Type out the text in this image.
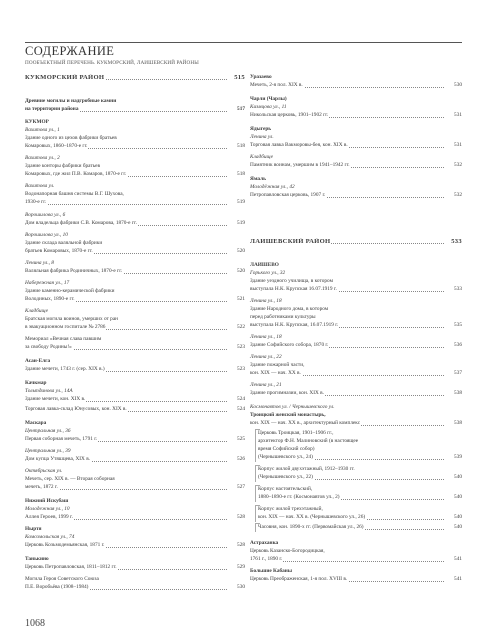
СОДЕРЖАНИЕ
ПООБЪЕКТНЫЙ ПЕРЕЧЕНЬ. КУКМОРСКИЙ, ЛАИШЕВСКИЙ РАЙОНЫ
КУКМОРСКИЙ РАЙОН	515
Древние могилы и надгробные камни
на территории района	517
КУКМОР
Вахитова ул., 1
Здание одного из цехов фабрики братьев
Комаровых, 1860–1870-е гг.	518
Вахитова ул., 2
Здание конторы фабрики братьев
Комаровых, где жил П.В. Комаров, 1870-е гг.	518
Вахитова ул.
Водонапорная башня системы В.Г. Шухова,
1930-е гг.	519
Ворошилова ул., 6
Дом владельца фабрики С.В. Комарова, 1870-е гг.	519
Ворошилова ул., 10
Здание склада валяльной фабрики
братьев Комаровых, 1870-е гг.	520
Ленина ул., 8
Валяльная фабрика Родиничных, 1870-е гг.	520
Набережная ул., 17
Здание каменно-керамической фабрики
Володиных, 1890-е гг.	521
Кладбище
Братская могила воинов, умерших от ран
в эвакуационном госпитале № 2786	522
Мемориал «Вечная слава павшим
за свободу Родины!»	523
Асан-Елга
Здание мечети, 1743 г. (сер. XIX в.)	523
Качкмар
Тольтдинова ул., 14А
Здание мечети, кон. XIX в.	524
Торговая лавка-склад Юнусовых, кон. XIX в.	524
Маскара
Центральная ул., 36
Первая соборная мечеть, 1791 г.	525
Центральная ул., 39
Дом купца Утяшцева, XIX в.	526
Октябрьская ул.
Мечеть, сер. XIX в. — Вторая соборная
мечеть, 1872 г.	527
Нижний Искубаш
Молодежная ул., 10
Аллея Героев, 1999 г.	528
Ныртя
Комсомольская ул., 74
Церковь Козьмодемьянская, 1871 г.	528
Танькино
Церковь Петропавловская, 1811–1812 гг.	529
Могила Героя Советского Союза
П.Е. Воробьёва (1908–1984)	530
Уразаево
Мечеть, 2-я пол. XIX в.	530
Чарли (Чарлы)
Кизмцова ул., 11
Никольская церковь, 1901–1902 гг.	531
Ядыгерь
Ленина ул.
Торговая лавка Вакморовы-бея, кон. XIX в.	531
Кладбище
Памятник воинам, умершим в 1941–1942 гг.	532
Ямаль
Молодёжная ул., 42
Петропавловская церковь, 1907 г.	532
ЛАИШЕВСКИЙ РАЙОН	533
ЛАИШЕВО
Горького ул., 32
Здание уездного училища, в котором
выступала Н.К. Крупская 16.07.1919 г.	533
Ленина ул., 18
Здание Народного дома, в котором
перед работниками культуры
выступала Н.К. Крупская, 16.07.1919 г.	535
Ленина ул., 18
Здание Софийского собора, 1870 г.	536
Ленина ул., 22
Здание пожарной части,
кон. XIX — нач. XX в.	537
Ленина ул., 21
Здание прогимназии, кон. XIX в.	538
Космонавтов ул. / Чернышевского ул.
Троицкий женский монастырь,
кон. XIX — нач. XX в., архитектурный комплекс	538
Церковь Троицкая, 1901–1906 гг.,
архитектор Ф.Н. Малиновский (в настоящее
время Софийский собор)
(Чернышевского ул., 24)	539
Корпус жилой двухэтажный, 1912–1930 гг.
(Чернышевского ул., 22)	540
Корпус настоятельский,
1880–1890-е гг. (Космонавтов ул., 2)	540
Корпус жилой трехэтажный,
кон. XIX — нач. XX в. (Чернышевского ул., 26)	540
Часовня, кон. 1890-х гг. (Первомайская ул., 26)	540
Астраханка
Церковь Казанско-Богородицкая,
1761 г., 1890 г.	541
Большие Кабаны
Церковь Преображенская, 1-я пол. XVIII в.	541
1068
